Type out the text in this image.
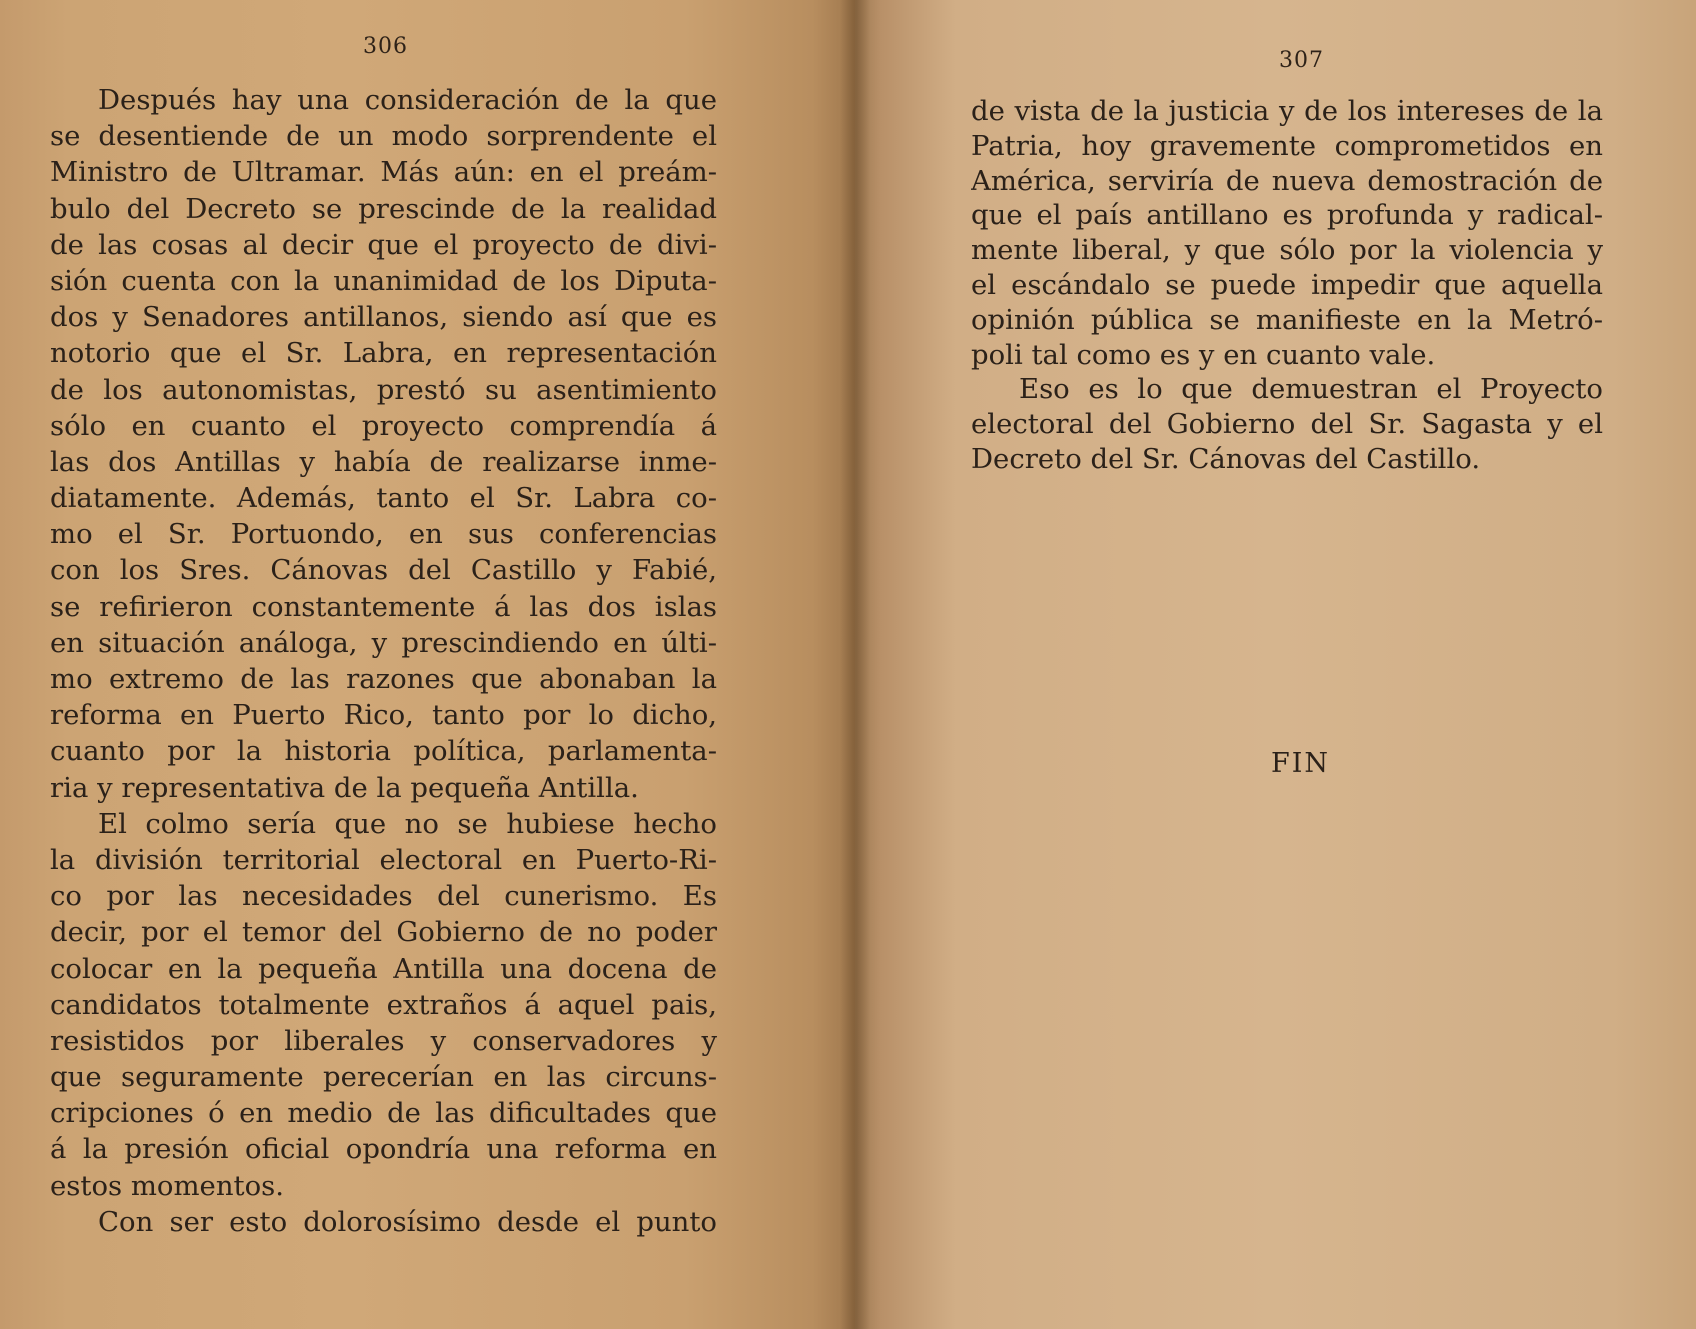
306
Después hay una consideración de la que
se desentiende de un modo sorprendente el
Ministro de Ultramar. Más aún: en el preám-
bulo del Decreto se prescinde de la realidad
de las cosas al decir que el proyecto de divi-
sión cuenta con la unanimidad de los Diputa-
dos y Senadores antillanos, siendo así que es
notorio que el Sr. Labra, en representación
de los autonomistas, prestó su asentimiento
sólo en cuanto el proyecto comprendía á
las dos Antillas y había de realizarse inme-
diatamente. Además, tanto el Sr. Labra co-
mo el Sr. Portuondo, en sus conferencias
con los Sres. Cánovas del Castillo y Fabié,
se refirieron constantemente á las dos islas
en situación análoga, y prescindiendo en últi-
mo extremo de las razones que abonaban la
reforma en Puerto Rico, tanto por lo dicho,
cuanto por la historia política, parlamenta-
ria y representativa de la pequeña Antilla.
El colmo sería que no se hubiese hecho
la división territorial electoral en Puerto-Ri-
co por las necesidades del cunerismo. Es
decir, por el temor del Gobierno de no poder
colocar en la pequeña Antilla una docena de
candidatos totalmente extraños á aquel pais,
resistidos por liberales y conservadores y
que seguramente perecerían en las circuns-
cripciones ó en medio de las dificultades que
á la presión oficial opondría una reforma en
estos momentos.
Con ser esto dolorosísimo desde el punto
307
de vista de la justicia y de los intereses de la
Patria, hoy gravemente comprometidos en
América, serviría de nueva demostración de
que el país antillano es profunda y radical-
mente liberal, y que sólo por la violencia y
el escándalo se puede impedir que aquella
opinión pública se manifieste en la Metró-
poli tal como es y en cuanto vale.
Eso es lo que demuestran el Proyecto
electoral del Gobierno del Sr. Sagasta y el
Decreto del Sr. Cánovas del Castillo.
FIN
